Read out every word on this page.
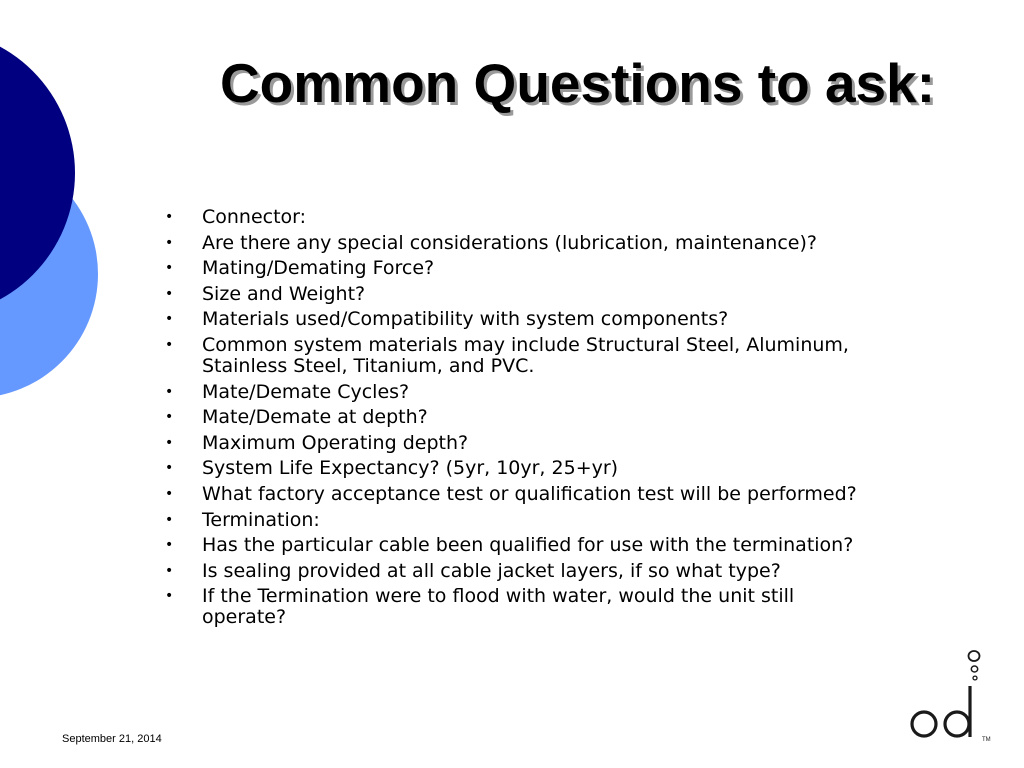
Common Questions to ask:
• Connector:
• Are there any special considerations (lubrication, maintenance)?
• Mating/Demating Force?
• Size and Weight?
• Materials used/Compatibility with system components?
• Common system materials may include Structural Steel, Aluminum,
Stainless Steel, Titanium, and PVC.
• Mate/Demate Cycles?
• Mate/Demate at depth?
• Maximum Operating depth?
• System Life Expectancy? (5yr, 10yr, 25+yr)
• What factory acceptance test or qualification test will be performed?
• Termination:
• Has the particular cable been qualified for use with the termination?
• Is sealing provided at all cable jacket layers, if so what type?
• If the Termination were to flood with water, would the unit still
operate?
September 21, 2014	TM
